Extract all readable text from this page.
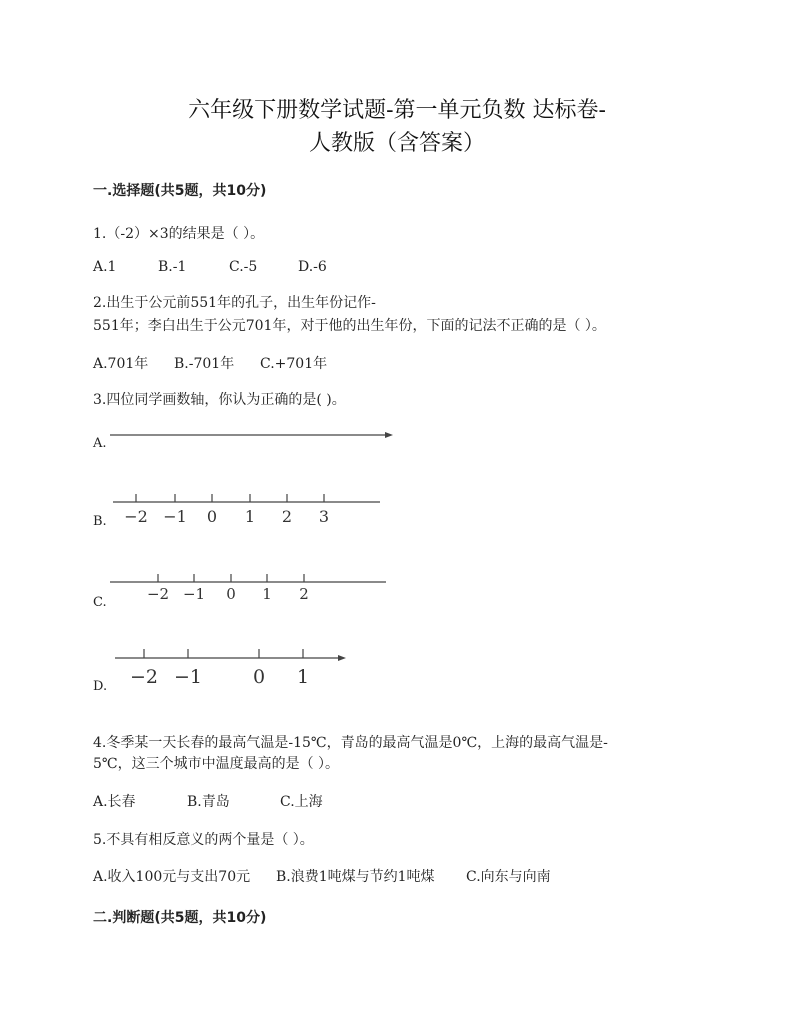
六年级下册数学试题-第一单元负数 达标卷-
人教版（含答案）
一.选择题(共5题，共10分)
1.（-2）×3的结果是（ ）。
A.1	B.-1	C.-5	D.-6
2.出生于公元前551年的孔子，出生年份记作-
551年；李白出生于公元701年，对于他的出生年份，下面的记法不正确的是（ ）。
A.701年 B.-701年 C.+701年
3.四位同学画数轴，你认为正确的是( )。
A.
B. −2 −1 0 1 2 3
C.	−2 −1 0 1 2
D. −2 −1	0 1
4.冬季某一天长春的最高气温是-15℃，青岛的最高气温是0℃，上海的最高气温是-
5℃，这三个城市中温度最高的是（ ）。
A.长春	B.青岛	C.上海
5.不具有相反意义的两个量是（ ）。
A.收入100元与支出70元 B.浪费1吨煤与节约1吨煤 C.向东与向南
二.判断题(共5题，共10分)
